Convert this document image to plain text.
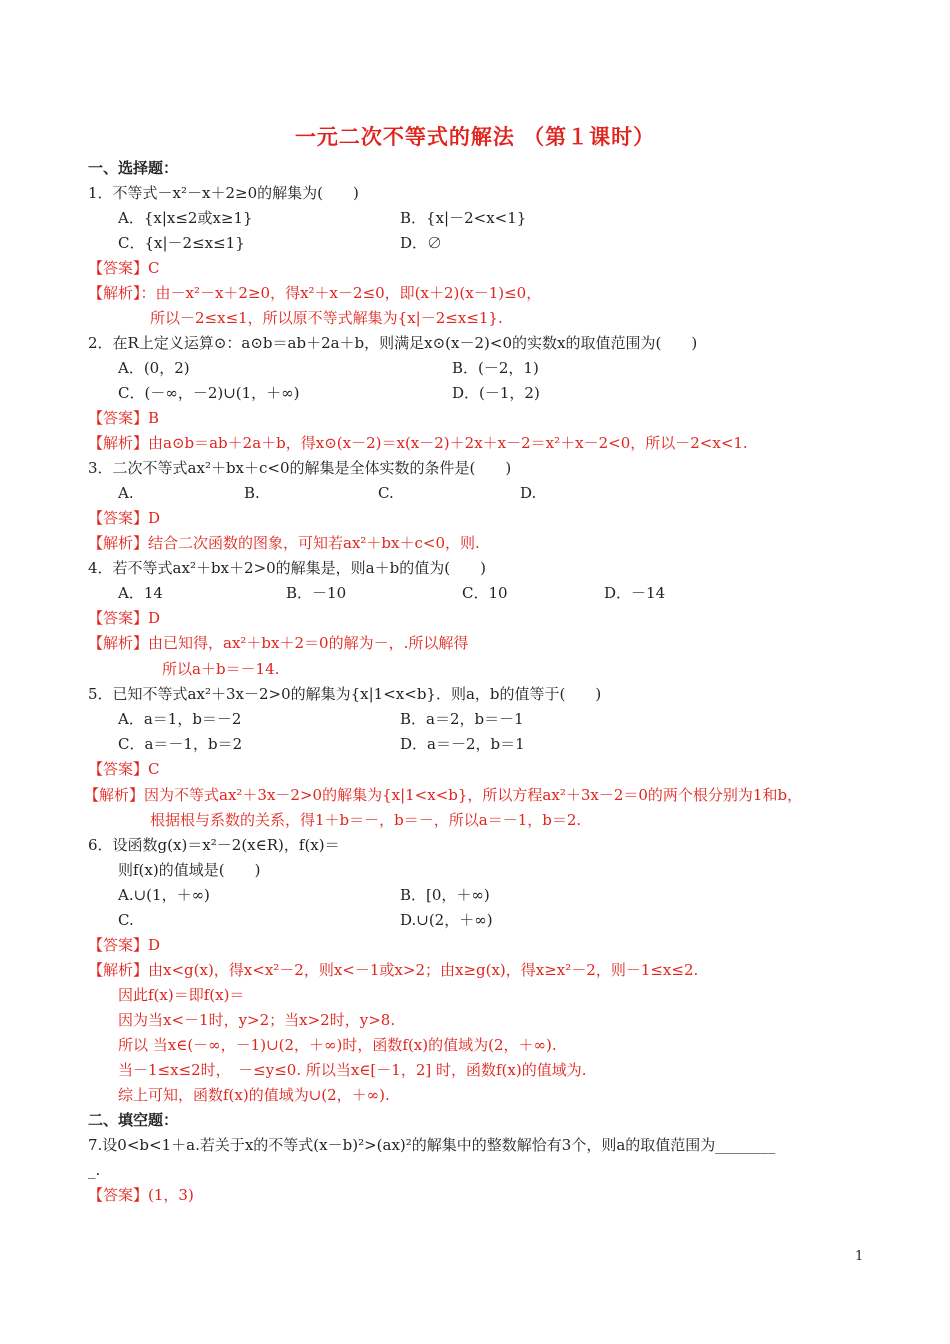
一元二次不等式的解法 （第１课时）
一、选择题：
1．不等式－x²－x＋2≥0的解集为(　　)
A．{x|x≤2或x≥1}	B．{x|－2<x<1}
C．{x|－2≤x≤1}	D．∅
【答案】C
【解析】：由－x²－x＋2≥0，得x²＋x－2≤0，即(x＋2)(x－1)≤0，
所以－2≤x≤1，所以原不等式解集为{x|－2≤x≤1}.
2．在R上定义运算⊙：a⊙b＝ab＋2a＋b，则满足x⊙(x－2)<0的实数x的取值范围为(　　)
A．(0，2)	B．(－2，1)
C．(－∞，－2)∪(1，＋∞)	D．(－1，2)
【答案】B
【解析】由a⊙b＝ab＋2a＋b，得x⊙(x－2)＝x(x－2)＋2x＋x－2＝x²＋x－2<0，所以－2<x<1.
3．二次不等式ax²＋bx＋c<0的解集是全体实数的条件是(　　)
A.	B.	C.	D.
【答案】D
【解析】结合二次函数的图象，可知若ax²＋bx＋c<0，则.
4．若不等式ax²＋bx＋2>0的解集是，则a＋b的值为(　　)
A．14	B．－10	C．10	D．－14
【答案】D
【解析】由已知得，ax²＋bx＋2＝0的解为－，.所以解得
所以a＋b＝－14.
5．已知不等式ax²＋3x－2>0的解集为{x|1<x<b}．则a，b的值等于(　　)
A．a＝1，b＝－2	B．a＝2，b＝－1
C．a＝－1，b＝2	D．a＝－2，b＝1
【答案】C
【解析】因为不等式ax²＋3x－2>0的解集为{x|1<x<b}，所以方程ax²＋3x－2＝0的两个根分别为1和b，
根据根与系数的关系，得1＋b＝－，b＝－，所以a＝－1，b＝2.
6．设函数g(x)＝x²－2(x∈R)，f(x)＝
则f(x)的值域是(　　)
A.∪(1，＋∞)	B．[0，＋∞)
C.	D.∪(2，＋∞)
【答案】D
【解析】由x<g(x)，得x<x²－2，则x<－1或x>2；由x≥g(x)，得x≥x²－2，则－1≤x≤2.
因此f(x)＝即f(x)＝
因为当x<－1时，y>2；当x>2时，y>8.
所以 当x∈(－∞，－1)∪(2，＋∞)时，函数f(x)的值域为(2，＋∞).
当－1≤x≤2时，　－≤y≤0. 所以当x∈[－1，2] 时，函数f(x)的值域为.
综上可知，函数f(x)的值域为∪(2，＋∞).
二、填空题：
7.设0<b<1＋a.若关于x的不等式(x－b)²>(ax)²的解集中的整数解恰有3个，则a的取值范围为________
_.
【答案】(1，3)
1
